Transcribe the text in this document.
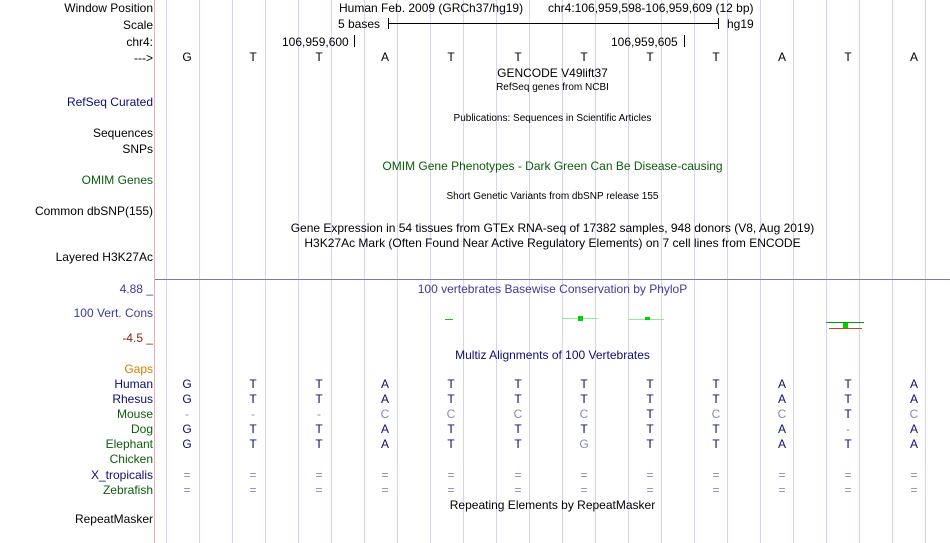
Window Position	Human Feb. 2009 (GRCh37/hg19) chr4:106,959,598-106,959,609 (12 bp)
Scale	5 bases	hg19
chr4:	106,959,600	106,959,605
---> G	T	T	A	T	T	T	T	T	A	T	A
GENCODE V49lift37
RefSeq genes from NCBI
RefSeq Curated
Publications: Sequences in Scientific Articles
Sequences
SNPs
OMIM Gene Phenotypes - Dark Green Can Be Disease-causing
OMIM Genes
Short Genetic Variants from dbSNP release 155
Common dbSNP(155)
Gene Expression in 54 tissues from GTEx RNA-seq of 17382 samples, 948 donors (V8, Aug 2019)
H3K27Ac Mark (Often Found Near Active Regulatory Elements) on 7 cell lines from ENCODE
Layered H3K27Ac
4.88 _	100 vertebrates Basewise Conservation by PhyloP
100 Vert. Cons
-4.5 _
Multiz Alignments of 100 Vertebrates
Gaps
Human G	T	T	A	T	T	T	T	T	A	T	A
Rhesus G	T	T	A	T	T	T	T	T	A	T	A
Mouse	-	-	-	C	C	C	C	T	C	C	T	C
Dog G	T	T	A	T	T	T	T	T	A	-	A
Elephant G	T	T	A	T	T	G	T	T	A	T	A
Chicken
X_tropicalis	=	=	=	=	=	=	=	=	=	=	=	=
Zebrafish	=	=	=	=	=	=	=	=	=	=	=	=
Repeating Elements by RepeatMasker
RepeatMasker
